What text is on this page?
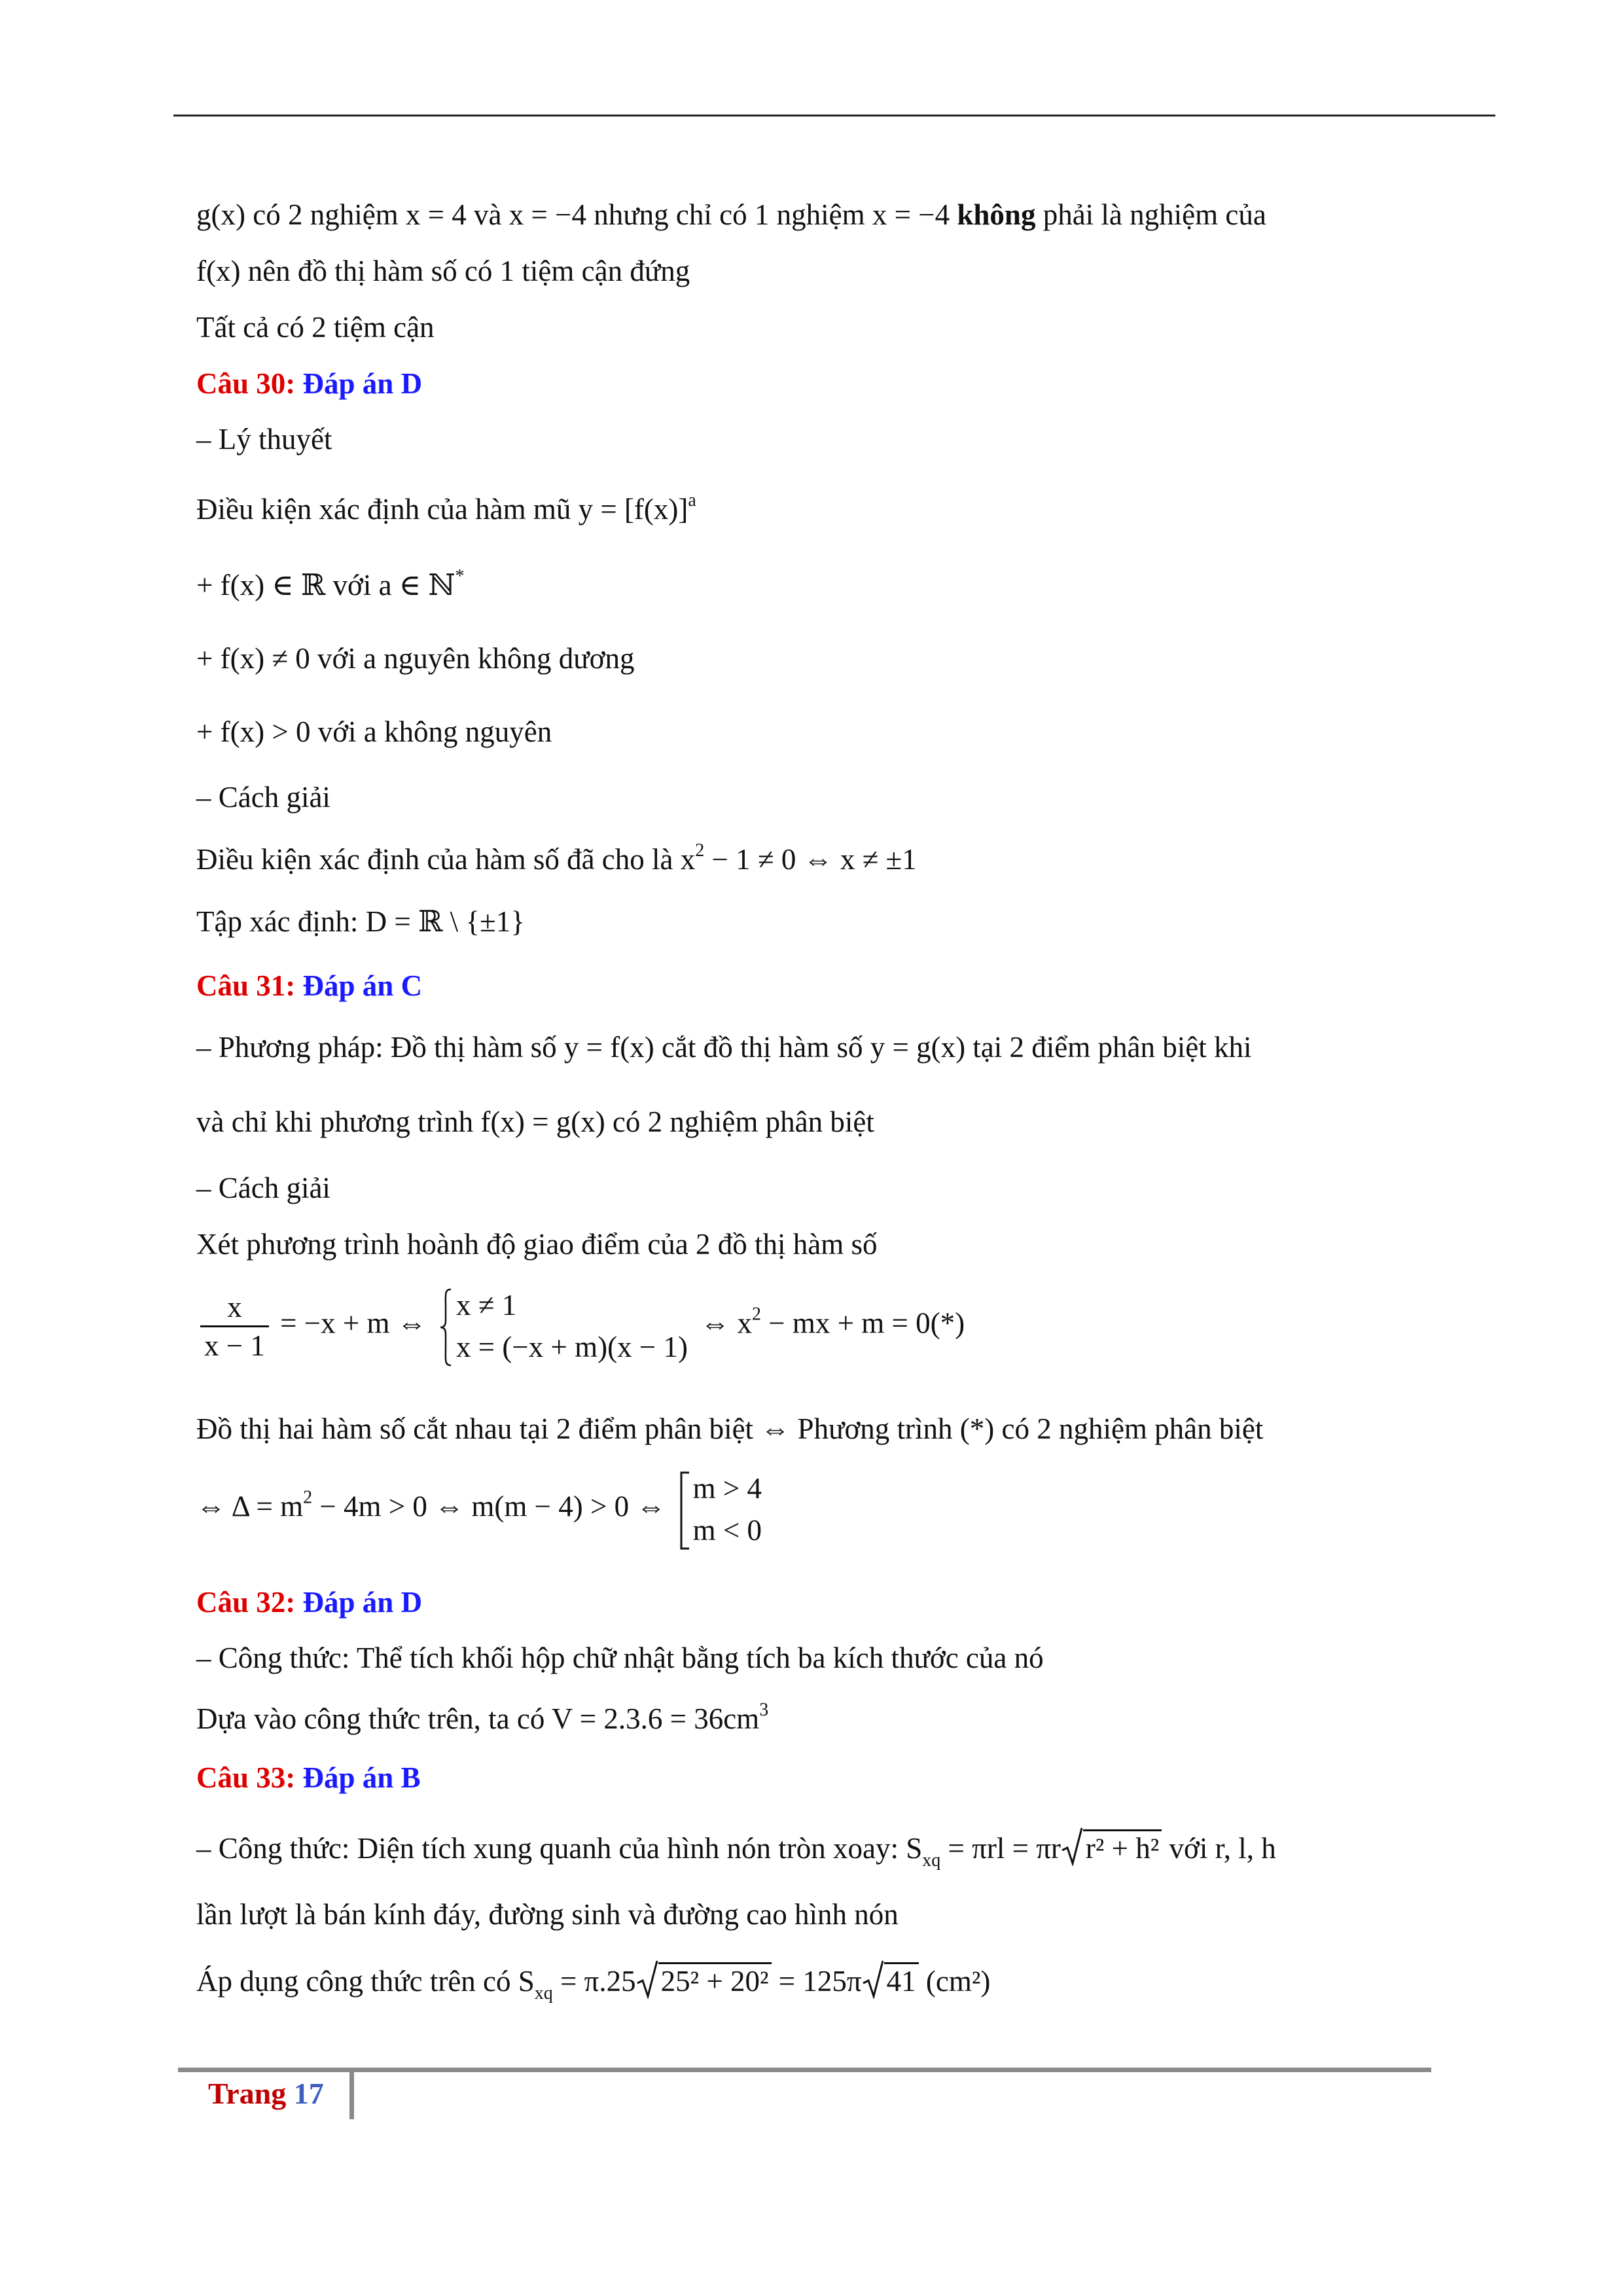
g(x) có 2 nghiệm x = 4 và x = −4 nhưng chỉ có 1 nghiệm x = −4 không phải là nghiệm của
f(x) nên đồ thị hàm số có 1 tiệm cận đứng
Tất cả có 2 tiệm cận
Câu 30: Đáp án D
– Lý thuyết
Điều kiện xác định của hàm mũ $y = [f(x)]^a$
+ f(x) ∈ ℝ với a ∈ ℕ*
+ f(x) ≠ 0 với a nguyên không dương
+ f(x) > 0 với a không nguyên
– Cách giải
Điều kiện xác định của hàm số đã cho là $x^2 - 1 \ne 0$ ⇔ x ≠ ±1
Tập xác định: D = ℝ \ {±1}
Câu 31: Đáp án C
– Phương pháp: Đồ thị hàm số y = f(x) cắt đồ thị hàm số y = g(x) tại 2 điểm phân biệt khi
và chỉ khi phương trình f(x) = g(x) có 2 nghiệm phân biệt
– Cách giải
Xét phương trình hoành độ giao điểm của 2 đồ thị hàm số
$\frac{x}{x - 1} = -x + m$ ⇔
x ≠ 1
x = (−x + m)(x − 1)
⇔ $x^2$ − mx + m = 0(*)
Đồ thị hai hàm số cắt nhau tại 2 điểm phân biệt ⇔ Phương trình (*) có 2 nghiệm phân biệt
⇔ $\Delta = m^2 - 4m > 0$ ⇔ m(m − 4) > 0 ⇔
m > 4
m < 0
Câu 32: Đáp án D
– Công thức: Thể tích khối hộp chữ nhật bằng tích ba kích thước của nó
Dựa vào công thức trên, ta có $V = 2.3.6 = 36cm^3$
Câu 33: Đáp án B
– Công thức: Diện tích xung quanh của hình nón tròn xoay: $S_{xq} = \pi rl = \pi r$ r² + h² với r, l, h
lần lượt là bán kính đáy, đường sinh và đường cao hình nón
Áp dụng công thức trên có $S_{xq} = \pi.25$ 25² + 20² = 125π 41 (cm²)
Trang 17
